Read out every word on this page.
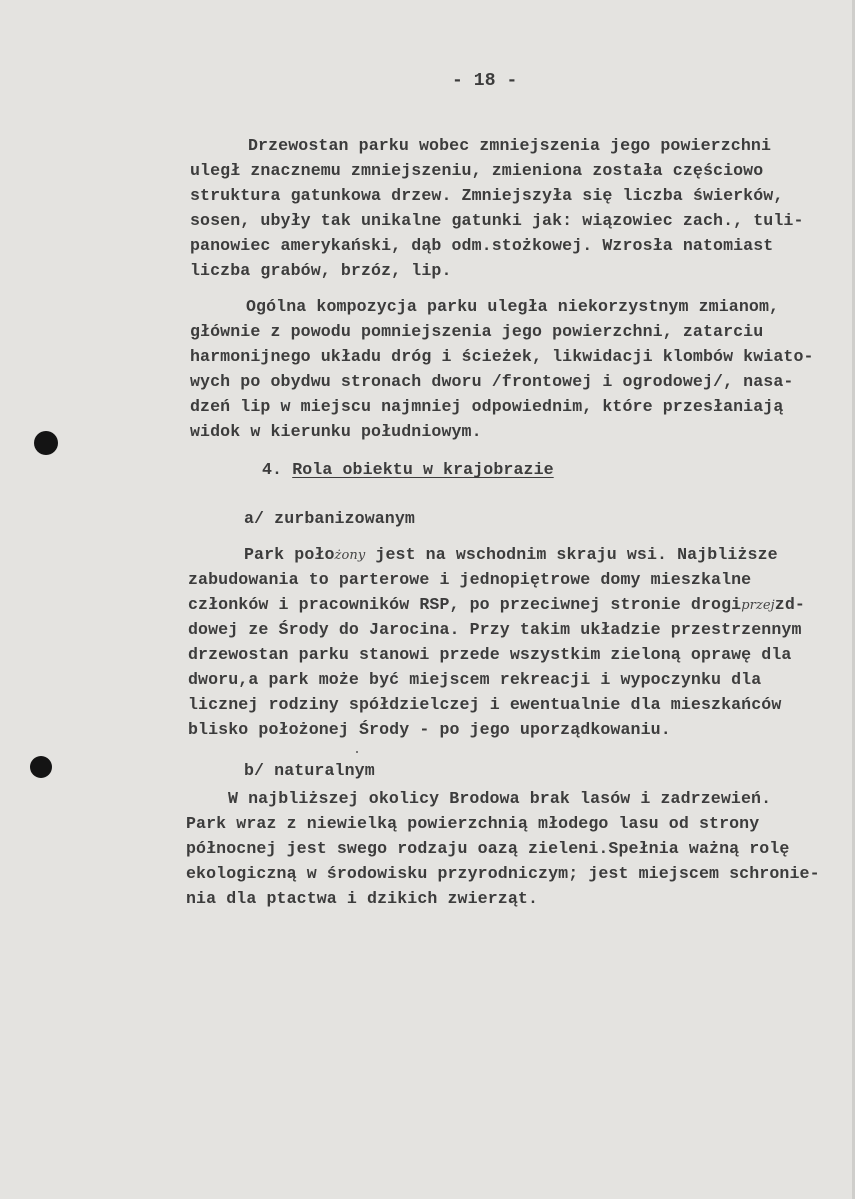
- 18 -
Drzewostan parku wobec zmniejszenia jego powierzchni
uległ znacznemu zmniejszeniu, zmieniona została częściowo
struktura gatunkowa drzew. Zmniejszyła się liczba świerków,
sosen, ubyły tak unikalne gatunki jak: wiązowiec zach., tuli-
panowiec amerykański, dąb odm.stożkowej. Wzrosła natomiast
liczba grabów, brzóz, lip.
Ogólna kompozycja parku uległa niekorzystnym zmianom,
głównie z powodu pomniejszenia jego powierzchni, zatarciu
harmonijnego układu dróg i ścieżek, likwidacji klombów kwiato-
wych po obydwu stronach dworu /frontowej i ogrodowej/, nasa-
dzeń lip w miejscu najmniej odpowiednim, które przesłaniają
widok w kierunku południowym.
4. Rola obiektu w krajobrazie
a/ zurbanizowanym
Park położony jest na wschodnim skraju wsi. Najbliższe
zabudowania to parterowe i jednopiętrowe domy mieszkalne
członków i pracowników RSP, po przeciwnej stronie drogiprzejzd-
dowej ze Środy do Jarocina. Przy takim układzie przestrzennym
drzewostan parku stanowi przede wszystkim zieloną oprawę dla
dworu,a park może być miejscem rekreacji i wypoczynku dla
licznej rodziny spółdzielczej i ewentualnie dla mieszkańców
blisko położonej Środy - po jego uporządkowaniu.
b/ naturalnym
W najbliższej okolicy Brodowa brak lasów i zadrzewień.
Park wraz z niewielką powierzchnią młodego lasu od strony
północnej jest swego rodzaju oazą zieleni.Spełnia ważną rolę
ekologiczną w środowisku przyrodniczym; jest miejscem schronie-
nia dla ptactwa i dzikich zwierząt.
